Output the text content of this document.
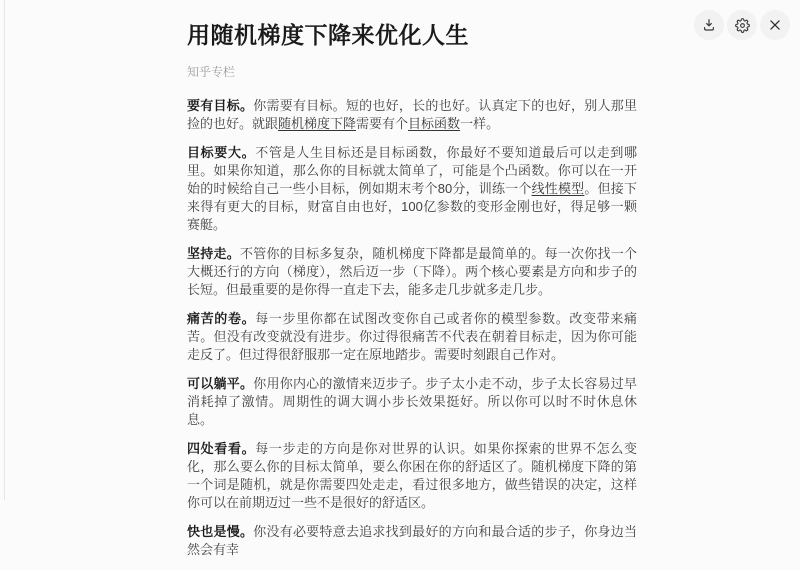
用随机梯度下降来优化人生
知乎专栏

要有目标。你需要有目标。短的也好，长的也好。认真定下的也好，别人那里捡的也好。就跟随机梯度下降需要有个目标函数一样。

目标要大。不管是人生目标还是目标函数，你最好不要知道最后可以走到哪里。如果你知道，那么你的目标就太简单了，可能是个凸函数。你可以在一开始的时候给自己一些小目标，例如期末考个80分，训练一个线性模型。但接下来得有更大的目标，财富自由也好，100亿参数的变形金刚也好，得足够一颗赛艇。

坚持走。不管你的目标多复杂，随机梯度下降都是最简单的。每一次你找一个大概还行的方向（梯度），然后迈一步（下降）。两个核心要素是方向和步子的长短。但最重要的是你得一直走下去，能多走几步就多走几步。

痛苦的卷。每一步里你都在试图改变你自己或者你的模型参数。改变带来痛苦。但没有改变就没有进步。你过得很痛苦不代表在朝着目标走，因为你可能走反了。但过得很舒服那一定在原地踏步。需要时刻跟自己作对。

可以躺平。你用你内心的激情来迈步子。步子太小走不动，步子太长容易过早消耗掉了激情。周期性的调大调小步长效果挺好。所以你可以时不时休息休息。

四处看看。每一步走的方向是你对世界的认识。如果你探索的世界不怎么变化，那么要么你的目标太简单，要么你困在你的舒适区了。随机梯度下降的第一个词是随机，就是你需要四处走走，看过很多地方，做些错误的决定，这样你可以在前期迈过一些不是很好的舒适区。

快也是慢。你没有必要特意去追求找到最好的方向和最合适的步子，你身边当然会有幸
